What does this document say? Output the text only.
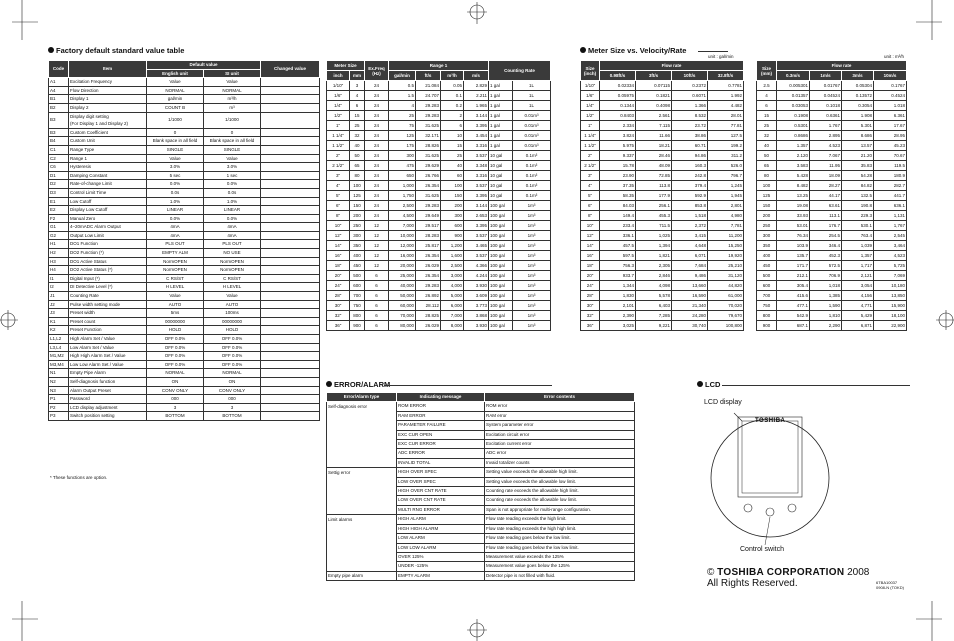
Factory default standard value table
Code	Item	Default value		Changed value
		English unit	SI unit	
A1	Excitation Frequency	Value	Value	
A4	Flow Direction	NORMAL	NORMAL	
B1	Display 1	gal/min	m³/h	
B2	Display 2	COUNT B	m³	
B3	Display digit setting
(For Display 1 and Display 2)	1/1000	1/1000	
B3	Custom Coefficient	0	0	
B4	Custom Unit	Blank space in all field	Blank space in all field	
C1	Range Type	SINGLE	SINGLE	
C2	Range 1	Value	Value	
C6	Hysteresis	3.0%	3.0%	
D1	Damping Constant	5 sec	1 sec	
D2	Rate-of-change Limit	0.0%	0.0%	
D3	Control Limit Time	0.0s	0.0s	
E1	Low Cutoff	1.0%	1.0%	
E2	Display Low Cutoff	LINEAR	LINEAR	
F2	Manual Zero	0.0%	0.0%	
G1	4–20mADC Alarm Output	4mA	4mA	
G2	Output Low Limit	4mA	4mA	
H1	DO1 Function	PLS OUT	PLS OUT	
H2	DO2 Function (*)	EMPTY ALM	NO USE	
H3	DO1 Active Status	NormOPEN	NormOPEN	
H4	DO2 Active Status (*)	NormOPEN	NormOPEN	
I1	Digital Input (*)	C RS/ST	C RS/ST	
I2	DI Detective Level (*)	H LEVEL	H LEVEL	
J1	Counting Rate	Value	Value	
J2	Pulse width setting mode	AUTO	AUTO	
J3	Preset width	5ms	100ms	
K1	Preset count	00000000	00000000	
K2	Preset Function	HOLD	HOLD	
L1,L2	High Alarm Set / Value	OFF 0.0%	OFF 0.0%	
L3,L4	Low Alarm Set / Value	OFF 0.0%	OFF 0.0%	
M1,M2	High High Alarm Set / Value	OFF 0.0%	OFF 0.0%	
M3,M4	Low Low Alarm Set / Value	OFF 0.0%	OFF 0.0%	
N1	Empty Pipe Alarm	NORMAL	NORMAL	
N2	Self-diagnosis function	ON	ON	
N3	Alarm Output Preset	CONV ONLY	CONV ONLY	
P1	Password	000	000	
P2	LCD display adjustment	3	3	
P3	Switch position setting	BOTTOM	BOTTOM	
* These functions are option.
Meter Size		Ex.Freq (Hz)	Range 1				Counting Rate	
inch	mm		gal/min	ft/s	m³/h	m/s		
1/10"	3	24	0.5	21.084	0.05	2.829	1 gal	1L
1/6"	4	24	1.5	24.707	0.1	2.211	1 gal	1L
1/4"	6	24	4	29.283	0.2	1.965	1 gal	1L
1/2"	15	24	25	29.283	2	3.144	1 gal	0.01m³
1"	25	24	75	31.625	6	3.395	1 gal	0.01m³
1 1/4"	32	24	125	32.171	10	3.454	1 gal	0.01m³
1 1/2"	40	24	175	28.826	15	3.316	1 gal	0.01m³
2"	50	24	300	31.625	25	3.537	10 gal	0.1m³
2 1/2"	65	24	475	29.629	40	3.348	10 gal	0.1m³
3"	80	24	650	26.766	60	3.316	10 gal	0.1m³
4"	100	24	1,000	26.354	100	3.537	10 gal	0.1m³
5"	125	24	1,750	31.625	150	3.395	10 gal	0.1m³
6"	150	24	2,500	29.283	200	3.144	100 gal	1m³
8"	200	24	4,500	29.649	300	2.653	100 gal	1m³
10"	250	12	7,000	29.517	600	3.395	100 gal	1m³
12"	300	12	10,000	28.283	900	3.537	100 gal	1m³
14"	350	12	12,000	25.817	1,200	3.465	100 gal	1m³
16"	400	12	16,000	26.354	1,600	3.537	100 gal	1m³
18"	450	12	20,000	26.029	2,500	4.366	100 gal	1m³
20"	500	6	25,000	26.354	3,000	4.244	100 gal	1m³
24"	600	6	40,000	29.283	4,000	3.930	100 gal	1m³
28"	700	6	50,000	26.892	5,000	3.609	100 gal	1m³
30"	750	6	60,000	28.112	6,000	3.773	100 gal	1m³
32"	800	6	70,000	28.825	7,000	3.868	100 gal	1m³
36"	900	6	80,000	26.029	8,000	3.930	100 gal	1m³
Meter Size vs. Velocity/Rate
unit : gal/min	unit : m³/h
Size (inch)	Flow rate			
	0.98ft/s	3ft/s	10ft/s	32.8ft/s
1/10"	0.02334	0.07115	0.2372	0.7781
1/6"	0.05975	0.1821	0.6071	1.992
1/4"	0.1344	0.4098	1.366	4.482
1/2"	0.8403	2.561	8.532	28.01
1"	2.334	7.115	23.72	77.81
1 1/4"	3.824	11.66	38.86	127.5
1 1/2"	5.975	18.21	60.71	199.2
2"	9.337	28.46	94.86	311.2
2 1/2"	15.78	48.09	160.3	526.0
3"	23.90	72.85	242.8	796.7
4"	37.35	113.8	379.4	1,245
5"	58.35	177.9	592.9	1,945
6"	84.03	256.1	853.8	2,801
8"	149.4	455.3	1,518	4,980
10"	233.4	711.5	2,372	7,781
12"	336.1	1,025	3,415	11,200
14"	457.5	1,394	4,648	15,250
16"	597.5	1,821	6,071	19,920
18"	756.3	2,305	7,684	25,210
20"	933.7	2,846	9,486	31,120
24"	1,344	4,098	13,660	44,820
28"	1,830	5,578	16,590	61,000
30"	2,101	6,403	21,340	70,020
32"	2,390	7,285	24,280	79,670
36"	3,025	9,221	30,740	100,800
Size (mm)	Flow rate			
	0.3m/s	1m/s	3m/s	10m/s
2.5	0.005301	0.01767	0.05304	0.1767
4	0.01357	0.04524	0.13572	0.4524
6	0.03053	0.1018	0.3054	1.018
15	0.1908	0.6361	1.908	6.361
25	0.5301	1.767	5.301	17.67
32	0.8686	2.895	8.686	28.95
40	1.357	4.523	13.57	45.23
50	2.120	7.067	21.20	70.67
65	3.583	11.95	35.83	119.5
80	5.428	18.09	54.28	180.9
100	8.482	28.27	84.82	282.7
125	13.25	44.17	132.5	441.7
150	19.08	63.61	190.8	636.1
200	33.93	113.1	229.3	1,131
250	53.01	176.7	530.1	1,767
300	76.34	254.5	763.4	2,545
350	103.9	346.4	1,039	3,464
400	135.7	452.3	1,357	4,523
450	171.7	572.5	1,717	5,725
500	212.1	706.9	2,121	7,069
600	305.4	1,018	3,054	10,180
700	415.6	1,385	4,156	13,850
750	477.1	1,590	4,771	15,900
800	542.9	1,810	5,429	18,100
900	687.1	2,290	6,871	22,900
ERROR/ALARM
Error/Alarm type	Indicating message	Error contents
Self-diagnosis error	ROM ERROR	ROM error
	RAM ERROR	RAM error
	PARAMETER FAILURE	System parameter error
	EXC CUR OPEN	Excitation circuit error
	EXC CUR ERROR	Excitation current error
	ADC ERROR	ADC error
	INVALID TOTAL	Invaid totalizer counts
Settig error	HIGH OVER SPEC	Setting value exceeds the allowable high limit.
	LOW OVER SPEC	Setting value exceeds the allowable low limit.
	HIGH OVER CNT RATE	Counting rate exceeds the allowable high limit.
	LOW OVER CNT RATE	Counting rate exceeds the allowable low limit.
	MULTI RNG ERROR	Span is not appropriate for multi-range configuration.
Limit alarms	HIGH ALARM	Flow rate reading exceeds the high limit.
	HIGH HIGH ALARM	Flow rate reading exceeds the high high limit.
	LOW ALARM	Flow rate reading goes below the low limit.
	LOW LOW ALARM	Flow rate reading goes below the low low limit.
	OVER 125%	Measurement value exceeds the 125%
	UNDER -125%	Measurement value goes below the 125%
Empty pipe alarm	EMPTY ALARM	Detector pipe is not filled with fluid.
LCD
LCD display
TOSHIBA
Control switch
© TOSHIBA CORPORATION 2008
All Rights Reserved.	6TBA10037
0908-N (TOKD)
